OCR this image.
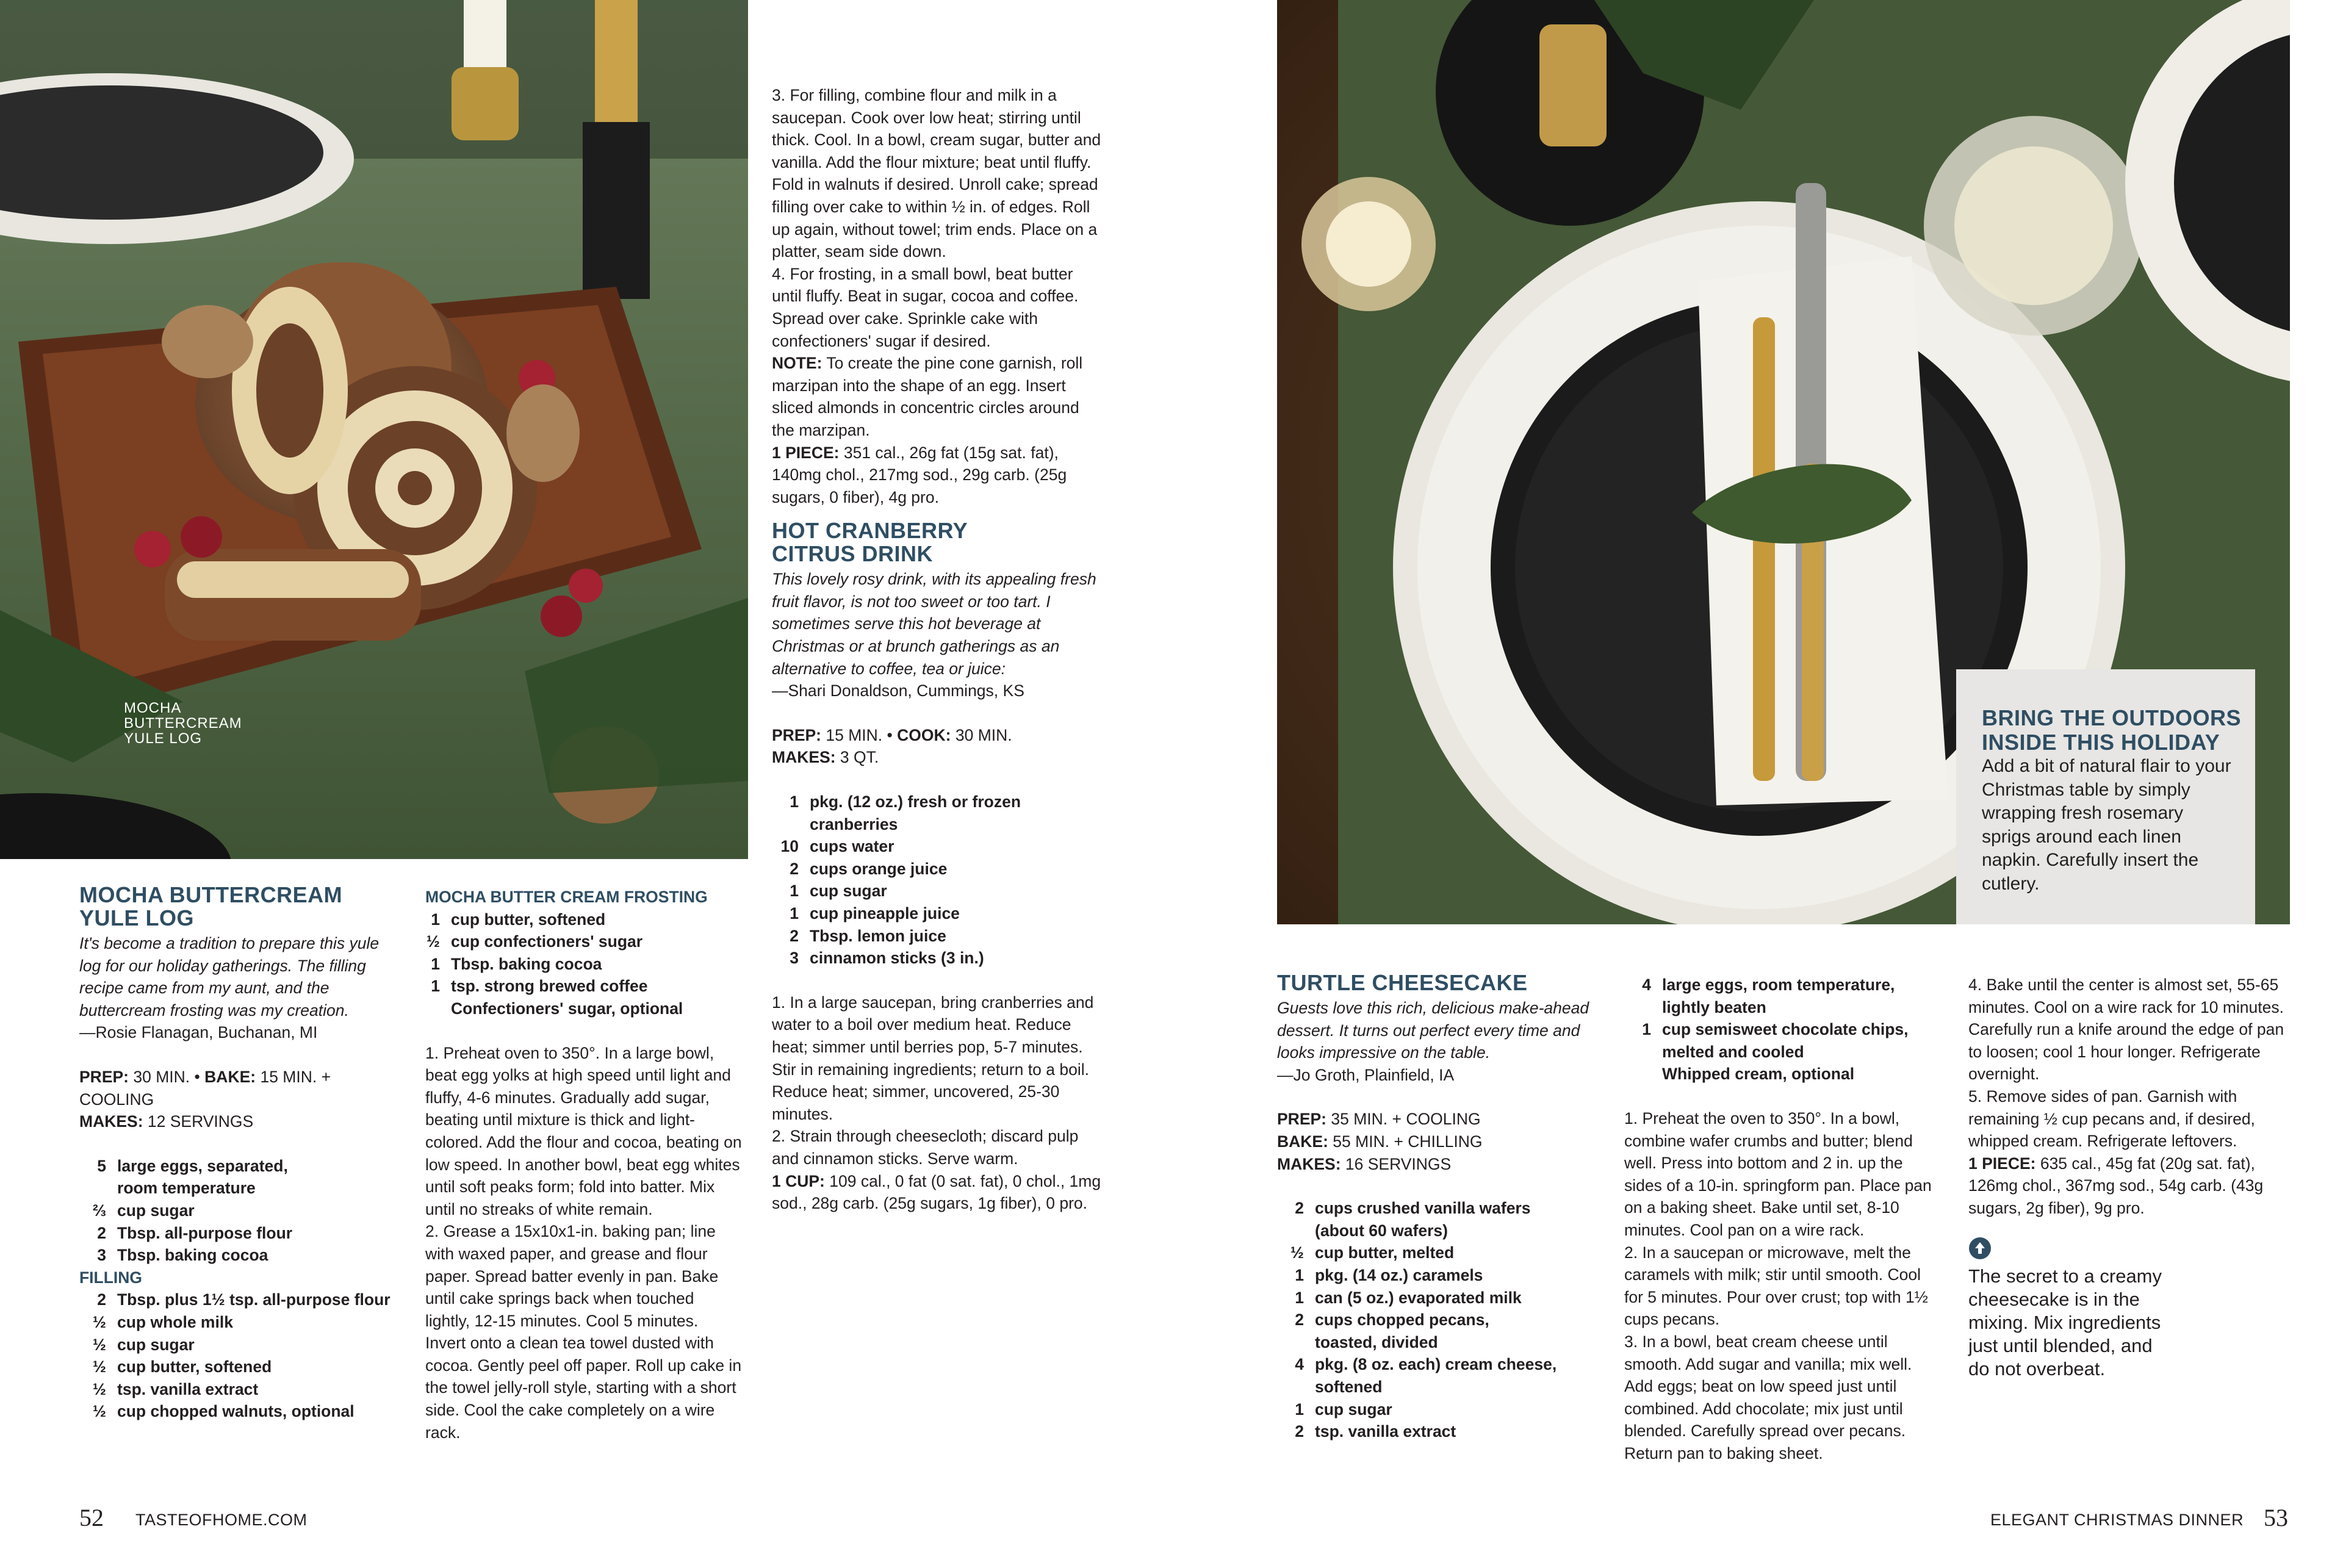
MOCHA
BUTTERCREAM
YULE LOG
MOCHA BUTTERCREAM
YULE LOG

It's become a tradition to prepare this yule log for our holiday gatherings. The filling recipe came from my aunt, and the buttercream frosting was my creation.

—Rosie Flanagan, Buchanan, MI

PREP: 30 MIN. • BAKE: 15 MIN. + COOLING

MAKES: 12 SERVINGS

5 large eggs, separated,
room temperature
⅔ cup sugar
2 Tbsp. all-purpose flour
3 Tbsp. baking cocoa
FILLING
2 Tbsp. plus 1½ tsp. all-purpose flour
½ cup whole milk
½ cup sugar
½ cup butter, softened
½ tsp. vanilla extract
½ cup chopped walnuts, optional
MOCHA BUTTER CREAM FROSTING
1 cup butter, softened
½ cup confectioners' sugar
1 Tbsp. baking cocoa
1 tsp. strong brewed coffee
Confectioners' sugar, optional

1. Preheat oven to 350°. In a large bowl, beat egg yolks at high speed until light and fluffy, 4-6 minutes. Gradually add sugar, beating until mixture is thick and light-colored. Add the flour and cocoa, beating on low speed. In another bowl, beat egg whites until soft peaks form; fold into batter. Mix until no streaks of white remain.

2. Grease a 15x10x1-in. baking pan; line with waxed paper, and grease and flour paper. Spread batter evenly in pan. Bake until cake springs back when touched lightly, 12-15 minutes. Cool 5 minutes. Invert onto a clean tea towel dusted with cocoa. Gently peel off paper. Roll up cake in the towel jelly-roll style, starting with a short side. Cool the cake completely on a wire rack.

3. For filling, combine flour and milk in a saucepan. Cook over low heat; stirring until thick. Cool. In a bowl, cream sugar, butter and vanilla. Add the flour mixture; beat until fluffy. Fold in walnuts if desired. Unroll cake; spread filling over cake to within ½ in. of edges. Roll up again, without towel; trim ends. Place on a platter, seam side down.

4. For frosting, in a small bowl, beat butter until fluffy. Beat in sugar, cocoa and coffee. Spread over cake. Sprinkle cake with confectioners' sugar if desired.

NOTE: To create the pine cone garnish, roll marzipan into the shape of an egg. Insert sliced almonds in concentric circles around the marzipan.

1 PIECE: 351 cal., 26g fat (15g sat. fat), 140mg chol., 217mg sod., 29g carb. (25g sugars, 0 fiber), 4g pro.

HOT CRANBERRY
CITRUS DRINK

This lovely rosy drink, with its appealing fresh fruit flavor, is not too sweet or too tart. I sometimes serve this hot beverage at Christmas or at brunch gatherings as an alternative to coffee, tea or juice:

—Shari Donaldson, Cummings, KS

PREP: 15 MIN. • COOK: 30 MIN.

MAKES: 3 QT.

1 pkg. (12 oz.) fresh or frozen
cranberries
10 cups water
2 cups orange juice
1 cup sugar
1 cup pineapple juice
2 Tbsp. lemon juice
3 cinnamon sticks (3 in.)

1. In a large saucepan, bring cranberries and water to a boil over medium heat. Reduce heat; simmer until berries pop, 5-7 minutes. Stir in remaining ingredients; return to a boil. Reduce heat; simmer, uncovered, 25-30 minutes.

2. Strain through cheesecloth; discard pulp and cinnamon sticks. Serve warm.

1 CUP: 109 cal., 0 fat (0 sat. fat), 0 chol., 1mg sod., 28g carb. (25g sugars, 1g fiber), 0 pro.

52 TASTEOFHOME.COM
BRING THE OUTDOORS
INSIDE THIS HOLIDAY

Add a bit of natural flair to your Christmas table by simply wrapping fresh rosemary sprigs around each linen napkin. Carefully insert the cutlery.

TURTLE CHEESECAKE

Guests love this rich, delicious make-ahead dessert. It turns out perfect every time and looks impressive on the table.

—Jo Groth, Plainfield, IA

PREP: 35 MIN. + COOLING

BAKE: 55 MIN. + CHILLING

MAKES: 16 SERVINGS

2 cups crushed vanilla wafers
(about 60 wafers)
½ cup butter, melted
1 pkg. (14 oz.) caramels
1 can (5 oz.) evaporated milk
2 cups chopped pecans,
toasted, divided
4 pkg. (8 oz. each) cream cheese,
softened
1 cup sugar
2 tsp. vanilla extract
4 large eggs, room temperature,
lightly beaten
1 cup semisweet chocolate chips,
melted and cooled
Whipped cream, optional

1. Preheat the oven to 350°. In a bowl, combine wafer crumbs and butter; blend well. Press into bottom and 2 in. up the sides of a 10-in. springform pan. Place pan on a baking sheet. Bake until set, 8-10 minutes. Cool pan on a wire rack.

2. In a saucepan or microwave, melt the caramels with milk; stir until smooth. Cool for 5 minutes. Pour over crust; top with 1½ cups pecans.

3. In a bowl, beat cream cheese until smooth. Add sugar and vanilla; mix well. Add eggs; beat on low speed just until combined. Add chocolate; mix just until blended. Carefully spread over pecans. Return pan to baking sheet.

4. Bake until the center is almost set, 55-65 minutes. Cool on a wire rack for 10 minutes. Carefully run a knife around the edge of pan to loosen; cool 1 hour longer. Refrigerate overnight.

5. Remove sides of pan. Garnish with remaining ½ cup pecans and, if desired, whipped cream. Refrigerate leftovers.

1 PIECE: 635 cal., 45g fat (20g sat. fat), 126mg chol., 367mg sod., 54g carb. (43g sugars, 2g fiber), 9g pro.

The secret to a creamy cheesecake is in the mixing. Mix ingredients just until blended, and do not overbeat.

ELEGANT CHRISTMAS DINNER 53
